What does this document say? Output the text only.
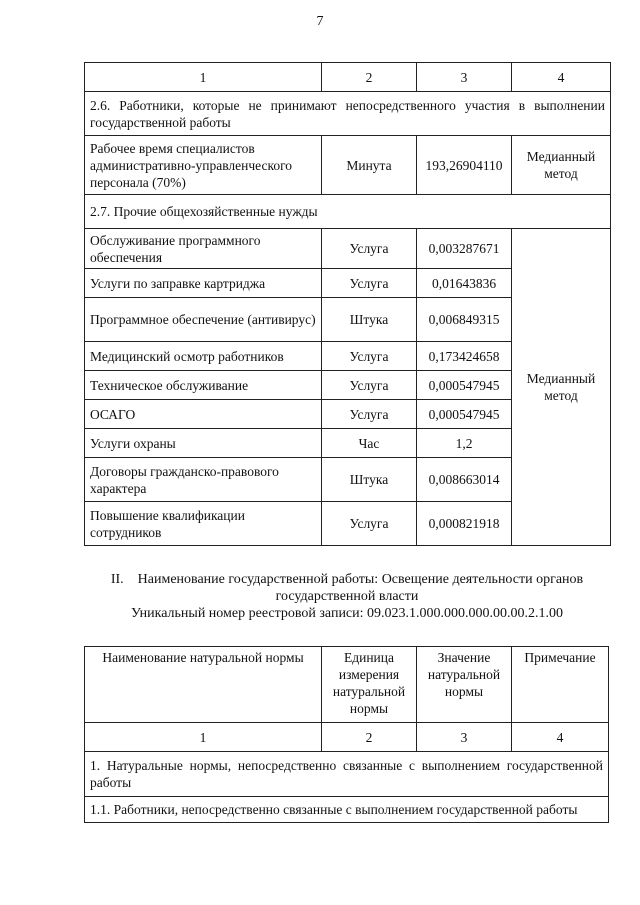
7
1	2	3	4
2.6. Работники, которые не принимают непосредственного участия в выполнении государственной работы			
Рабочее время специалистов административно-управленческого персонала (70%)	Минута	193,26904110	Медианный метод
2.7. Прочие общехозяйственные нужды			
Обслуживание программного обеспечения	Услуга	0,003287671	Медианный метод
Услуги по заправке картриджа	Услуга	0,01643836	
Программное обеспечение (антивирус)	Штука	0,006849315	
Медицинский осмотр работников	Услуга	0,173424658	
Техническое обслуживание	Услуга	0,000547945	
ОСАГО	Услуга	0,000547945	
Услуги охраны	Час	1,2	
Договоры гражданско-правового характера	Штука	0,008663014	
Повышение квалификации сотрудников	Услуга	0,000821918	

II.    Наименование государственной работы: Освещение деятельности органов

государственной власти

Уникальный номер реестровой записи: 09.023.1.000.000.000.00.00.2.1.00

Наименование натуральной нормы	Единица измерения натуральной нормы	Значение натуральной нормы	Примечание
1	2	3	4
1. Натуральные нормы, непосредственно связанные с выполнением государственной работы			
1.1. Работники, непосредственно связанные с выполнением государственной работы			
